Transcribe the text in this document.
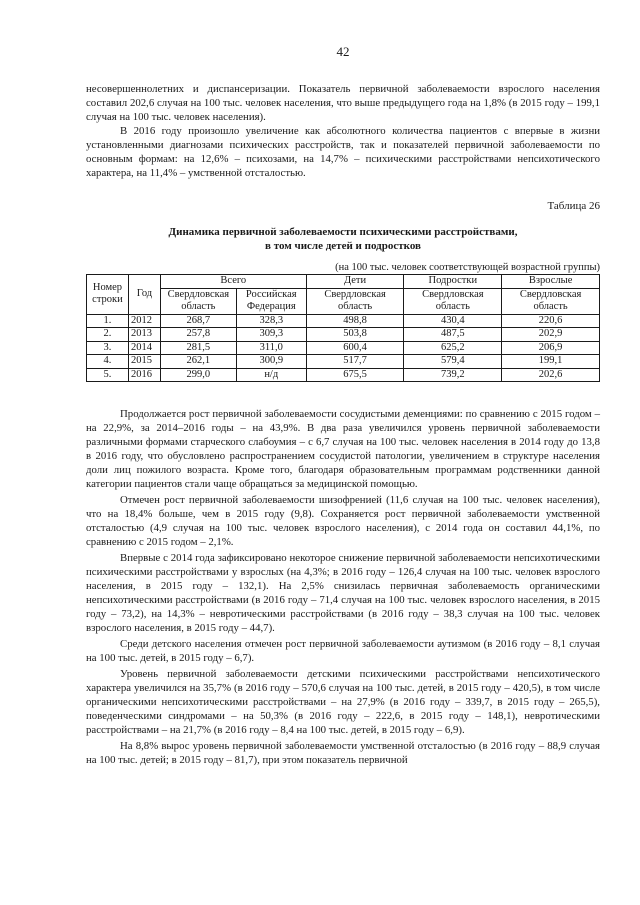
42

несовершеннолетних и диспансеризации. Показатель первичной заболеваемости взрослого населения составил 202,6 случая на 100 тыс. человек населения, что выше предыдущего года на 1,8% (в 2015 году – 199,1 случая на 100 тыс. человек населения).

В 2016 году произошло увеличение как абсолютного количества пациентов с впервые в жизни установленными диагнозами психических расстройств, так и показателей первичной заболеваемости по основным формам: на 12,6% – психозами, на 14,7% – психическими расстройствами непсихотического характера, на 11,4% – умственной отсталостью.

Таблица 26
Динамика первичной заболеваемости психическими расстройствами,
в том числе детей и подростков
(на 100 тыс. человек соответствующей возрастной группы)
Номер строки	Год	Всего		Дети	Подростки	Взрослые
		Свердловская область	Российская Федерация	Свердловская область	Свердловская область	Свердловская область
1.	2012	268,7	328,3	498,8	430,4	220,6
2.	2013	257,8	309,3	503,8	487,5	202,9
3.	2014	281,5	311,0	600,4	625,2	206,9
4.	2015	262,1	300,9	517,7	579,4	199,1
5.	2016	299,0	н/д	675,5	739,2	202,6

Продолжается рост первичной заболеваемости сосудистыми деменциями: по сравнению с 2015 годом – на 22,9%, за 2014–2016 годы – на 43,9%. В два раза увеличился уровень первичной заболеваемости различными формами старческого слабоумия – с 6,7 случая на 100 тыс. человек населения в 2014 году до 13,8 в 2016 году, что обусловлено распространением сосудистой патологии, увеличением в структуре населения доли лиц пожилого возраста. Кроме того, благодаря образовательным программам родственники данной категории пациентов стали чаще обращаться за медицинской помощью.

Отмечен рост первичной заболеваемости шизофренией (11,6 случая на 100 тыс. человек населения), что на 18,4% больше, чем в 2015 году (9,8). Сохраняется рост первичной заболеваемости умственной отсталостью (4,9 случая на 100 тыс. человек взрослого населения), с 2014 года он составил 44,1%, по сравнению с 2015 годом – 2,1%.

Впервые с 2014 года зафиксировано некоторое снижение первичной заболеваемости непсихотическими психическими расстройствами у взрослых (на 4,3%; в 2016 году – 126,4 случая на 100 тыс. человек взрослого населения, в 2015 году – 132,1). На 2,5% снизилась первичная заболеваемость органическими непсихотическими расстройствами (в 2016 году – 71,4 случая на 100 тыс. человек взрослого населения, в 2015 году – 73,2), на 14,3% – невротическими расстройствами (в 2016 году – 38,3 случая на 100 тыс. человек взрослого населения, в 2015 году – 44,7).

Среди детского населения отмечен рост первичной заболеваемости аутизмом (в 2016 году – 8,1 случая на 100 тыс. детей, в 2015 году – 6,7).

Уровень первичной заболеваемости детскими психическими расстройствами непсихотического характера увеличился на 35,7% (в 2016 году – 570,6 случая на 100 тыс. детей, в 2015 году – 420,5), в том числе органическими непсихотическими расстройствами – на 27,9% (в 2016 году – 339,7, в 2015 году – 265,5), поведенческими синдромами – на 50,3% (в 2016 году – 222,6, в 2015 году – 148,1), невротическими расстройствами – на 21,7% (в 2016 году – 8,4 на 100 тыс. детей, в 2015 году – 6,9).

На 8,8% вырос уровень первичной заболеваемости умственной отсталостью (в 2016 году – 88,9 случая на 100 тыс. детей; в 2015 году – 81,7), при этом показатель первичной
